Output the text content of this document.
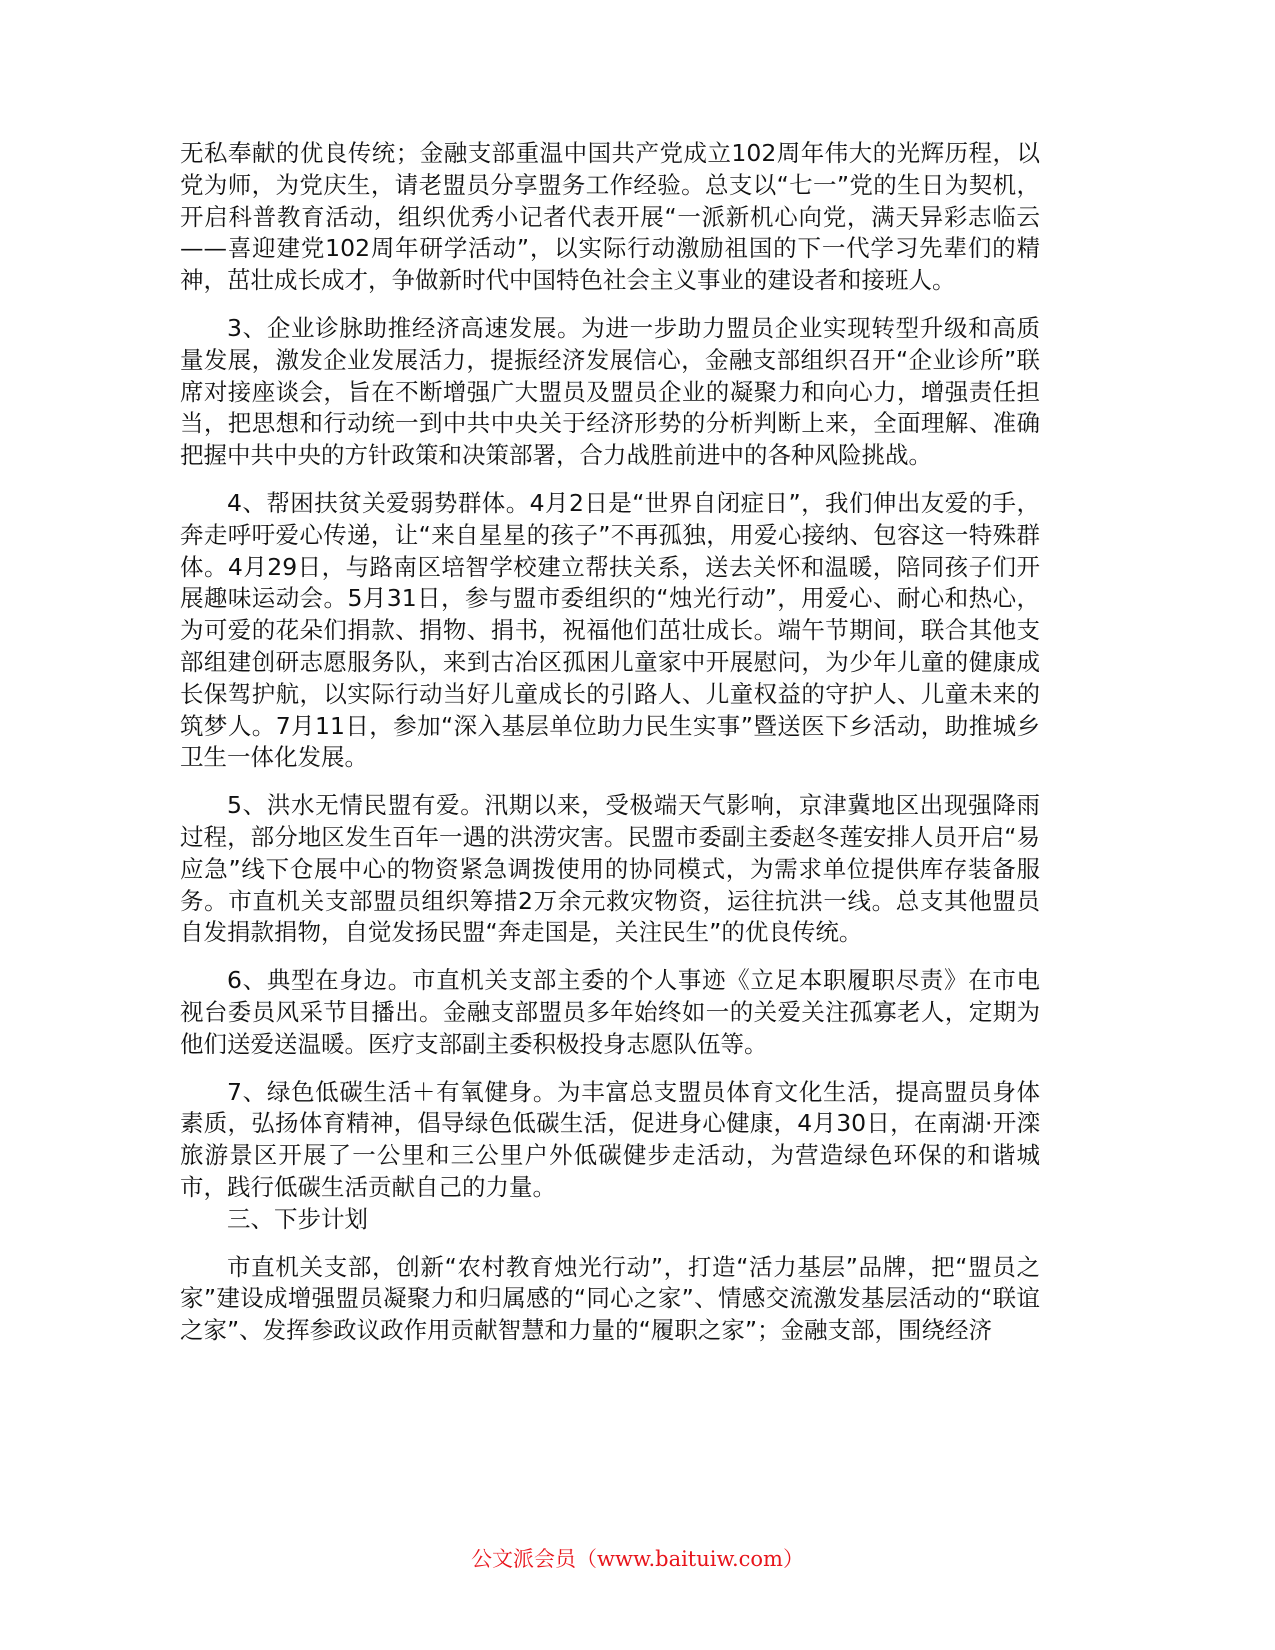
无私奉献的优良传统；金融支部重温中国共产党成立102周年伟大的光辉历程，以党为师，为党庆生，请老盟员分享盟务工作经验。总支以“七一”党的生日为契机，开启科普教育活动，组织优秀小记者代表开展“一派新机心向党，满天异彩志临云——喜迎建党102周年研学活动”，以实际行动激励祖国的下一代学习先辈们的精神，茁壮成长成才，争做新时代中国特色社会主义事业的建设者和接班人。

3、企业诊脉助推经济高速发展。为进一步助力盟员企业实现转型升级和高质量发展，激发企业发展活力，提振经济发展信心，金融支部组织召开“企业诊所”联席对接座谈会，旨在不断增强广大盟员及盟员企业的凝聚力和向心力，增强责任担当，把思想和行动统一到中共中央关于经济形势的分析判断上来，全面理解、准确把握中共中央的方针政策和决策部署，合力战胜前进中的各种风险挑战。

4、帮困扶贫关爱弱势群体。4月2日是“世界自闭症日”，我们伸出友爱的手，奔走呼吁爱心传递，让“来自星星的孩子”不再孤独，用爱心接纳、包容这一特殊群体。4月29日，与路南区培智学校建立帮扶关系，送去关怀和温暖，陪同孩子们开展趣味运动会。5月31日，参与盟市委组织的“烛光行动”，用爱心、耐心和热心，为可爱的花朵们捐款、捐物、捐书，祝福他们茁壮成长。端午节期间，联合其他支部组建创研志愿服务队，来到古冶区孤困儿童家中开展慰问，为少年儿童的健康成长保驾护航，以实际行动当好儿童成长的引路人、儿童权益的守护人、儿童未来的筑梦人。7月11日，参加“深入基层单位助力民生实事”暨送医下乡活动，助推城乡卫生一体化发展。

5、洪水无情民盟有爱。汛期以来，受极端天气影响，京津冀地区出现强降雨过程，部分地区发生百年一遇的洪涝灾害。民盟市委副主委赵冬莲安排人员开启“易应急”线下仓展中心的物资紧急调拨使用的协同模式，为需求单位提供库存装备服务。市直机关支部盟员组织筹措2万余元救灾物资，运往抗洪一线。总支其他盟员自发捐款捐物，自觉发扬民盟“奔走国是，关注民生”的优良传统。

6、典型在身边。市直机关支部主委的个人事迹《立足本职履职尽责》在市电视台委员风采节目播出。金融支部盟员多年始终如一的关爱关注孤寡老人，定期为他们送爱送温暖。医疗支部副主委积极投身志愿队伍等。

7、绿色低碳生活＋有氧健身。为丰富总支盟员体育文化生活，提高盟员身体素质，弘扬体育精神，倡导绿色低碳生活，促进身心健康，4月30日，在南湖·开滦旅游景区开展了一公里和三公里户外低碳健步走活动，为营造绿色环保的和谐城市，践行低碳生活贡献自己的力量。

三、下步计划

市直机关支部，创新“农村教育烛光行动”，打造“活力基层”品牌，把“盟员之家”建设成增强盟员凝聚力和归属感的“同心之家”、情感交流激发基层活动的“联谊之家”、发挥参政议政作用贡献智慧和力量的“履职之家”；金融支部，围绕经济

公文派会员（www.baituiw.com）
